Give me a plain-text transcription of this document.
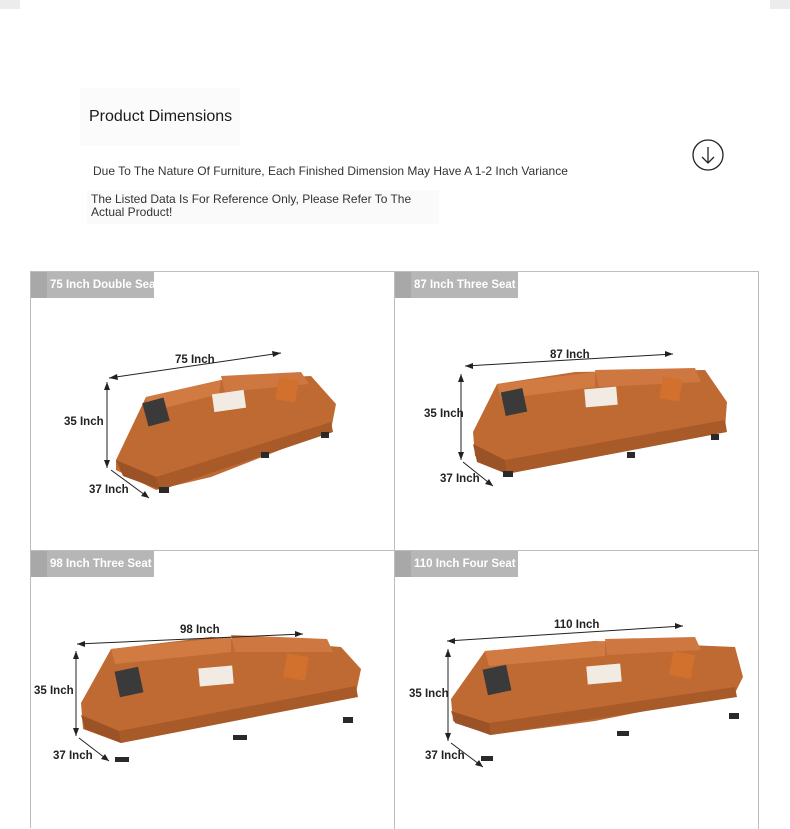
Product Dimensions
Due To The Nature Of Furniture, Each Finished Dimension May Have A 1-2 Inch Variance
The Listed Data Is For Reference Only, Please Refer To The Actual Product!
75 Inch Double Seat
75 Inch
35 Inch
37 Inch
87 Inch Three Seat
87 Inch
35 Inch
37 Inch
98 Inch Three Seat
98 Inch
35 Inch
37 Inch
110 Inch Four Seat
110 Inch
35 Inch
37 Inch
